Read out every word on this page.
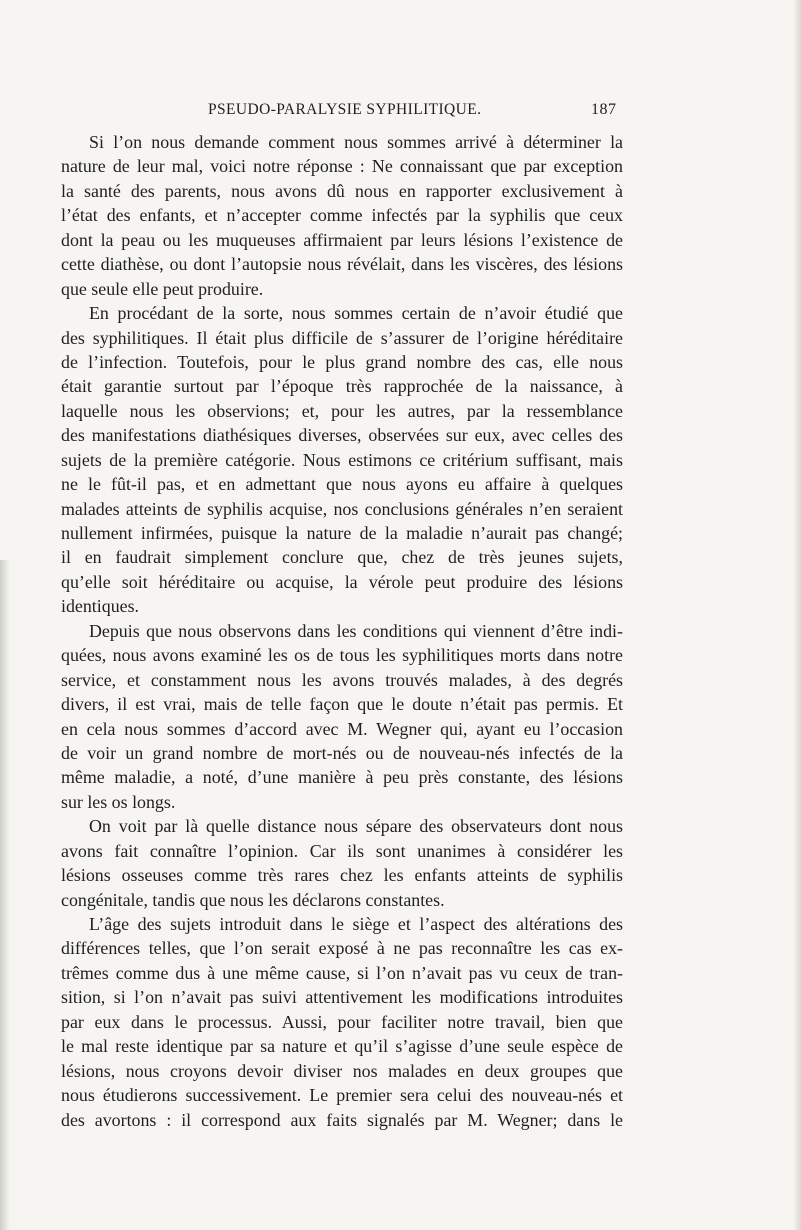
PSEUDO-PARALYSIE SYPHILITIQUE.	187
Si l’on nous demande comment nous sommes arrivé à déterminer la
nature de leur mal, voici notre réponse : Ne connaissant que par exception
la santé des parents, nous avons dû nous en rapporter exclusivement à
l’état des enfants, et n’accepter comme infectés par la syphilis que ceux
dont la peau ou les muqueuses affirmaient par leurs lésions l’existence de
cette diathèse, ou dont l’autopsie nous révélait, dans les viscères, des lésions
que seule elle peut produire.
En procédant de la sorte, nous sommes certain de n’avoir étudié que
des syphilitiques. Il était plus difficile de s’assurer de l’origine héréditaire
de l’infection. Toutefois, pour le plus grand nombre des cas, elle nous
était garantie surtout par l’époque très rapprochée de la naissance, à
laquelle nous les observions; et, pour les autres, par la ressemblance
des manifestations diathésiques diverses, observées sur eux, avec celles des
sujets de la première catégorie. Nous estimons ce critérium suffisant, mais
ne le fût-il pas, et en admettant que nous ayons eu affaire à quelques
malades atteints de syphilis acquise, nos conclusions générales n’en seraient
nullement infirmées, puisque la nature de la maladie n’aurait pas changé;
il en faudrait simplement conclure que, chez de très jeunes sujets,
qu’elle soit héréditaire ou acquise, la vérole peut produire des lésions
identiques.
Depuis que nous observons dans les conditions qui viennent d’être indi-
quées, nous avons examiné les os de tous les syphilitiques morts dans notre
service, et constamment nous les avons trouvés malades, à des degrés
divers, il est vrai, mais de telle façon que le doute n’était pas permis. Et
en cela nous sommes d’accord avec M. Wegner qui, ayant eu l’occasion
de voir un grand nombre de mort-nés ou de nouveau-nés infectés de la
même maladie, a noté, d’une manière à peu près constante, des lésions
sur les os longs.
On voit par là quelle distance nous sépare des observateurs dont nous
avons fait connaître l’opinion. Car ils sont unanimes à considérer les
lésions osseuses comme très rares chez les enfants atteints de syphilis
congénitale, tandis que nous les déclarons constantes.
L’âge des sujets introduit dans le siège et l’aspect des altérations des
différences telles, que l’on serait exposé à ne pas reconnaître les cas ex-
trêmes comme dus à une même cause, si l’on n’avait pas vu ceux de tran-
sition, si l’on n’avait pas suivi attentivement les modifications introduites
par eux dans le processus. Aussi, pour faciliter notre travail, bien que
le mal reste identique par sa nature et qu’il s’agisse d’une seule espèce de
lésions, nous croyons devoir diviser nos malades en deux groupes que
nous étudierons successivement. Le premier sera celui des nouveau-nés et
des avortons : il correspond aux faits signalés par M. Wegner; dans le
